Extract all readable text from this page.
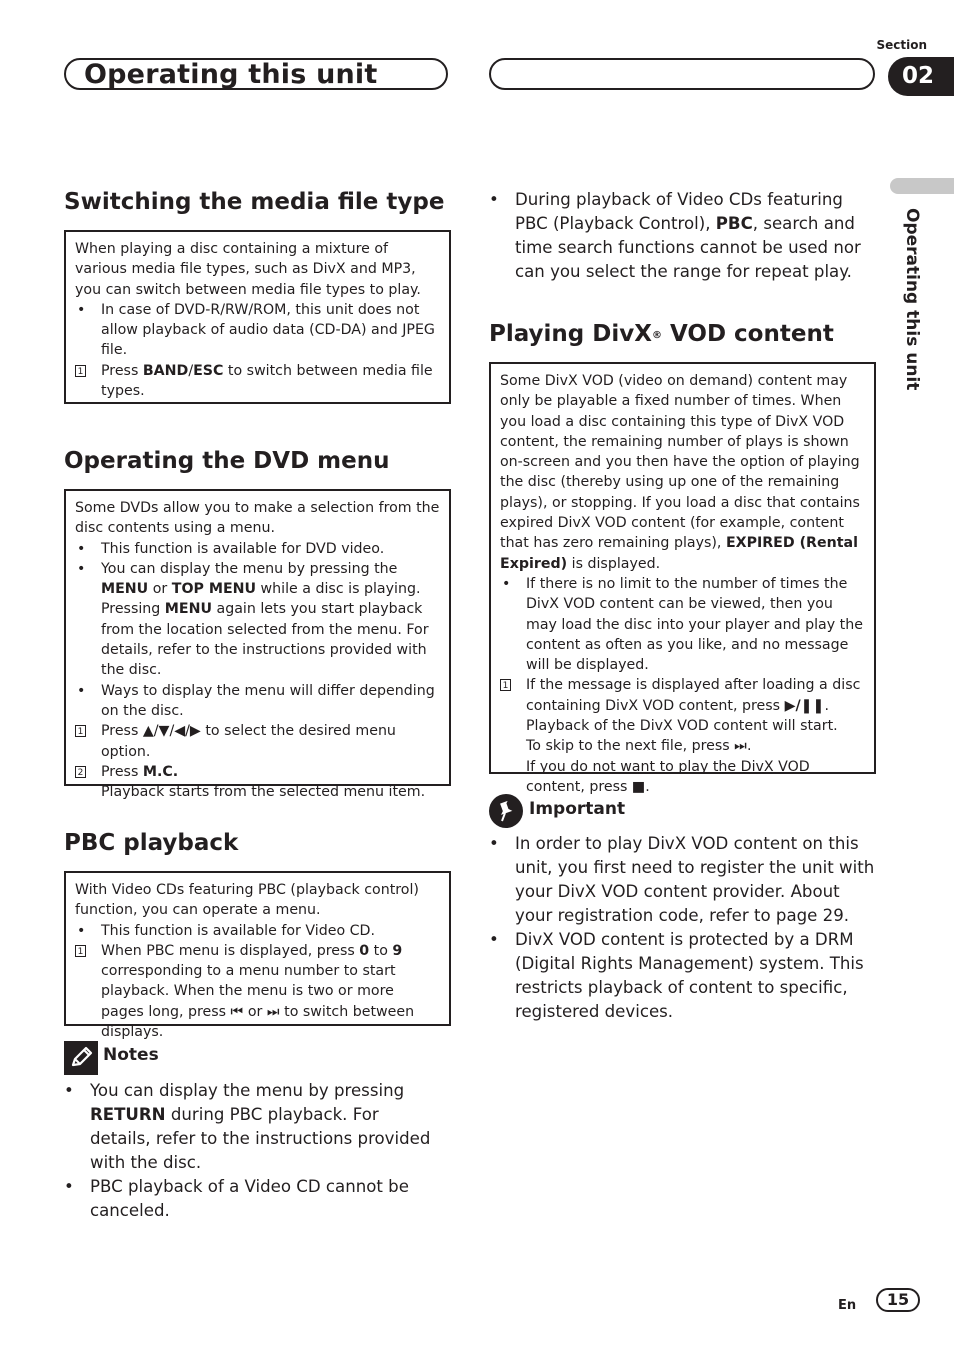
Operating this unit
Section
02
Operating this unit
Switching the media file type

When playing a disc containing a mixture of various media file types, such as DivX and MP3, you can switch between media file types to play.

• In case of DVD-R/RW/ROM, this unit does not allow playback of audio data (CD-DA) and JPEG file.

1 Press BAND/ESC to switch between media file types.

Operating the DVD menu

Some DVDs allow you to make a selection from the disc contents using a menu.

• This function is available for DVD video.

• You can display the menu by pressing the MENU or TOP MENU while a disc is playing. Pressing MENU again lets you start playback from the location selected from the menu. For details, refer to the instructions provided with the disc.

• Ways to display the menu will differ depending on the disc.

1 Press ▲/▼/◀/▶ to select the desired menu option.

2 Press M.C.

Playback starts from the selected menu item.

PBC playback

With Video CDs featuring PBC (playback control) function, you can operate a menu.

• This function is available for Video CD.

1 When PBC menu is displayed, press 0 to 9 corresponding to a menu number to start playback. When the menu is two or more pages long, press ⏮ or ⏭ to switch between displays.

Notes

• You can display the menu by pressing RETURN during PBC playback. For details, refer to the instructions provided with the disc.

• PBC playback of a Video CD cannot be canceled.

• During playback of Video CDs featuring PBC (Playback Control), PBC, search and time search functions cannot be used nor can you select the range for repeat play.

Playing DivX® VOD content

Some DivX VOD (video on demand) content may only be playable a fixed number of times. When you load a disc containing this type of DivX VOD content, the remaining number of plays is shown on-screen and you then have the option of playing the disc (thereby using up one of the remaining plays), or stopping. If you load a disc that contains expired DivX VOD content (for example, content that has zero remaining plays), EXPIRED (Rental Expired) is displayed.

• If there is no limit to the number of times the DivX VOD content can be viewed, then you may load the disc into your player and play the content as often as you like, and no message will be displayed.

1 If the message is displayed after loading a disc containing DivX VOD content, press ▶/❚❚.

Playback of the DivX VOD content will start.

To skip to the next file, press ⏭.

If you do not want to play the DivX VOD content, press ■.

Important

• In order to play DivX VOD content on this unit, you first need to register the unit with your DivX VOD content provider. About your registration code, refer to page 29.

• DivX VOD content is protected by a DRM (Digital Rights Management) system. This restricts playback of content to specific, registered devices.

En	15
